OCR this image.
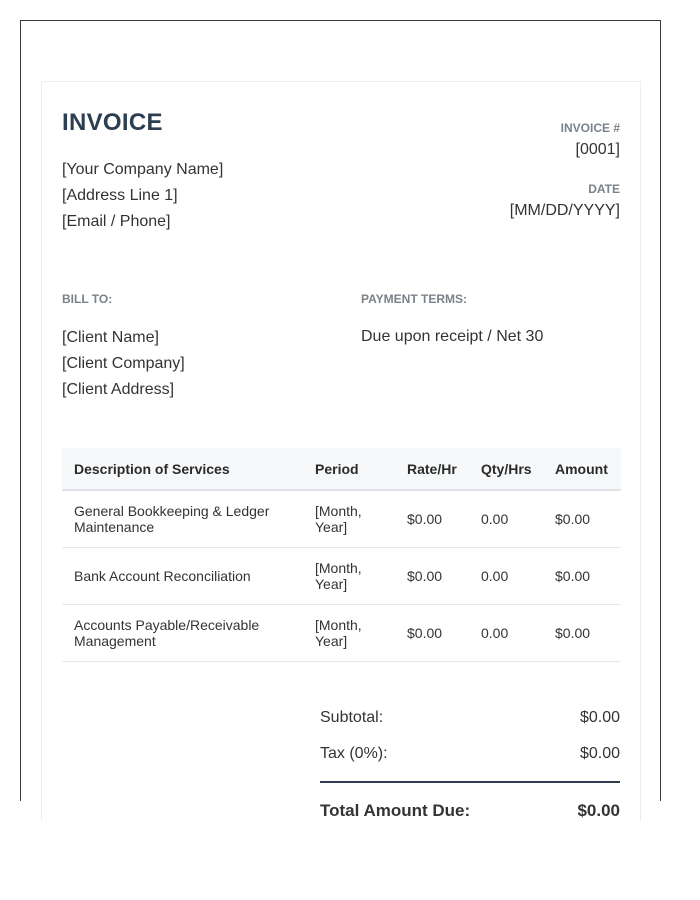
INVOICE
[Your Company Name]
[Address Line 1]
[Email / Phone]
INVOICE #
[0001]
DATE
[MM/DD/YYYY]
BILL TO:	PAYMENT TERMS:
[Client Name]
[Client Company]
[Client Address]
Due upon receipt / Net 30
Description of Services	Period	Rate/Hr	Qty/Hrs	Amount
General Bookkeeping & Ledger Maintenance	[Month, Year]	$0.00	0.00	$0.00
Bank Account Reconciliation	[Month, Year]	$0.00	0.00	$0.00
Accounts Payable/Receivable Management	[Month, Year]	$0.00	0.00	$0.00
Subtotal:	$0.00
Tax (0%):	$0.00
Total Amount Due:	$0.00
